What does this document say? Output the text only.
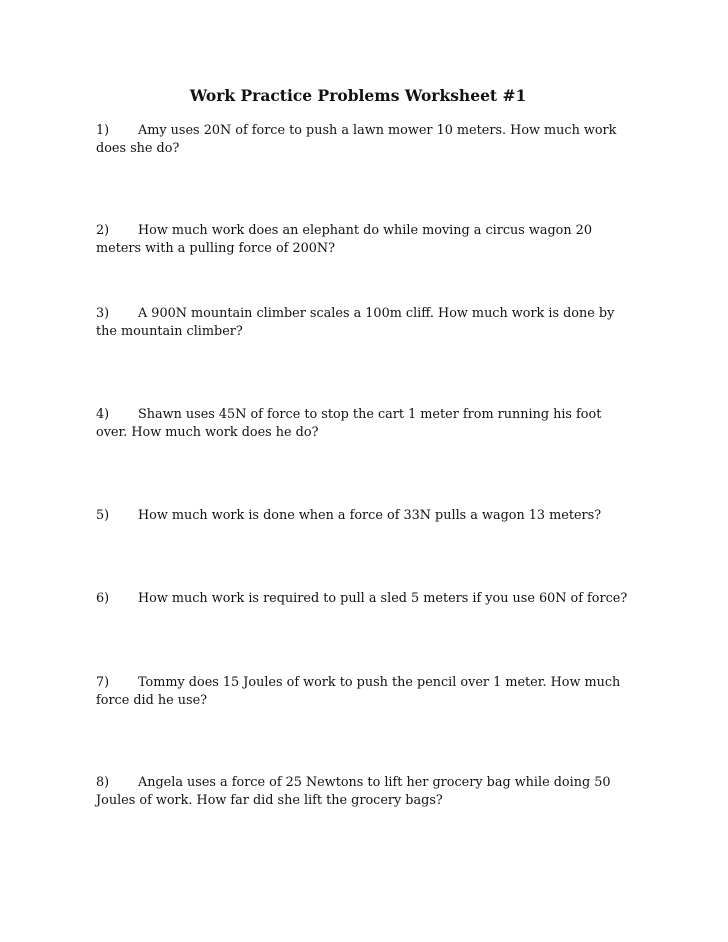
Work Practice Problems Worksheet #1
1) Amy uses 20N of force to push a lawn mower 10 meters. How much work does she do?
2) How much work does an elephant do while moving a circus wagon 20 meters with a pulling force of 200N?
3) A 900N mountain climber scales a 100m cliff. How much work is done by the mountain climber?
4) Shawn uses 45N of force to stop the cart 1 meter from running his foot over. How much work does he do?
5) How much work is done when a force of 33N pulls a wagon 13 meters?
6) How much work is required to pull a sled 5 meters if you use 60N of force?
7) Tommy does 15 Joules of work to push the pencil over 1 meter. How much force did he use?
8) Angela uses a force of 25 Newtons to lift her grocery bag while doing 50 Joules of work. How far did she lift the grocery bags?
